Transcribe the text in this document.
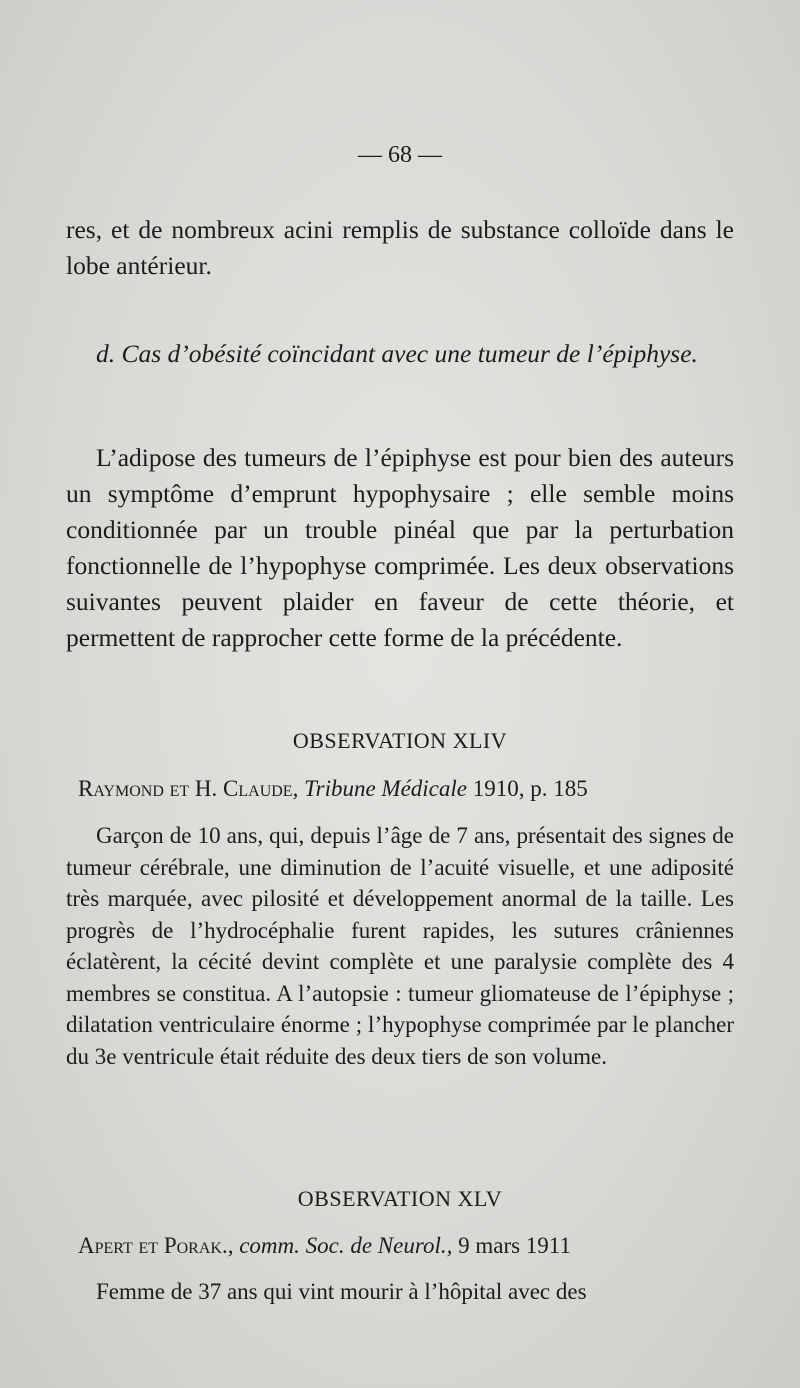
— 68 —
res, et de nombreux acini remplis de substance colloïde dans le lobe antérieur.
d. Cas d’obésité coïncidant avec une tumeur de l’épiphyse.
L’adipose des tumeurs de l’épiphyse est pour bien des auteurs un symptôme d’emprunt hypophysaire ; elle semble moins conditionnée par un trouble pinéal que par la perturbation fonctionnelle de l’hypophyse comprimée. Les deux observations suivantes peuvent plaider en faveur de cette théorie, et permettent de rapprocher cette forme de la précédente.
OBSERVATION XLIV
Raymond et H. Claude, Tribune Médicale 1910, p. 185
Garçon de 10 ans, qui, depuis l’âge de 7 ans, présentait des signes de tumeur cérébrale, une diminution de l’acuité visuelle, et une adiposité très marquée, avec pilosité et développement anormal de la taille. Les progrès de l’hydrocéphalie furent rapides, les sutures crâniennes éclatèrent, la cécité devint complète et une paralysie complète des 4 membres se constitua. A l’autopsie : tumeur gliomateuse de l’épiphyse ; dilatation ventriculaire énorme ; l’hypophyse comprimée par le plancher du 3e ventricule était réduite des deux tiers de son volume.
OBSERVATION XLV
Apert et Porak., comm. Soc. de Neurol., 9 mars 1911
Femme de 37 ans qui vint mourir à l’hôpital avec des
